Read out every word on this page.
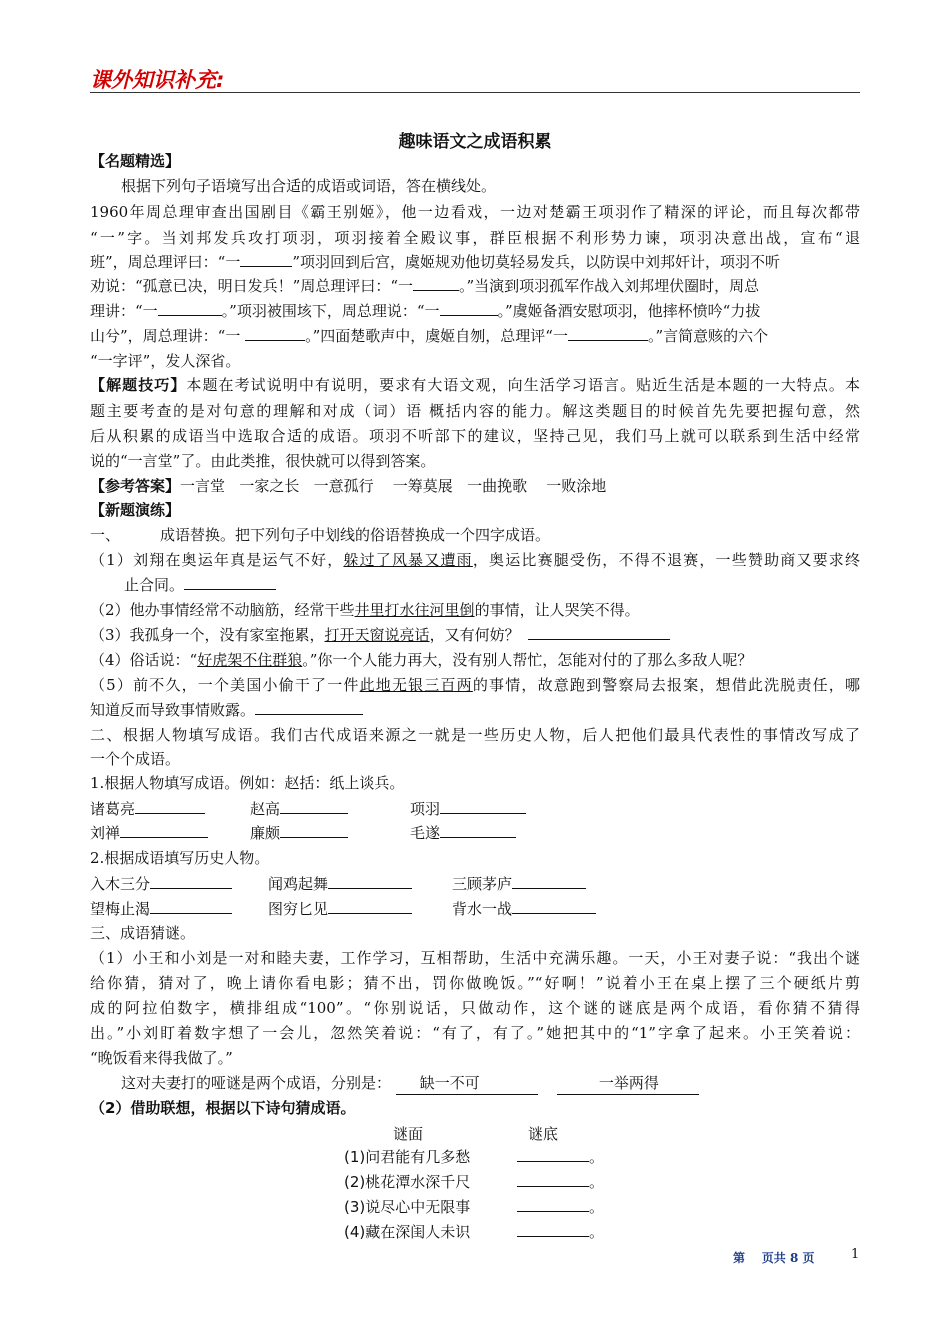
课外知识补充:
趣味语文之成语积累
【名题精选】
根据下列句子语境写出合适的成语或词语，答在横线处。
1960年周总理审查出国剧目《霸王别姬》，他一边看戏，一边对楚霸王项羽作了精深的评论，而且每次都带
“一”字。当刘邦发兵攻打项羽，项羽接着全殿议事，群臣根据不利形势力谏，项羽决意出战，宣布“退
班”，周总理评曰：“一	”项羽回到后宫，虞姬规劝他切莫轻易发兵，以防误中刘邦奸计，项羽不听
劝说：“孤意已决，明日发兵！”周总理评曰：“一	。”当演到项羽孤军作战入刘邦埋伏圈时，周总
理讲：“一	。”项羽被围垓下，周总理说：“一	。”虞姬备酒安慰项羽，他摔杯愤吟“力拔
山兮”，周总理讲：“一	。”四面楚歌声中，虞姬自刎，总理评“一	。”言简意赅的六个
“一字评”，发人深省。
【解题技巧】本题在考试说明中有说明，要求有大语文观，向生活学习语言。贴近生活是本题的一大特点。本
题主要考查的是对句意的理解和对成（词）语 概括内容的能力。解这类题目的时候首先先要把握句意，然
后从积累的成语当中选取合适的成语。项羽不听部下的建议，坚持己见，我们马上就可以联系到生活中经常
说的“一言堂”了。由此类推，很快就可以得到答案。
【参考答案】一言堂 一家之长 一意孤行 一筹莫展 一曲挽歌 一败涂地
【新题演练】
一、	成语替换。把下列句子中划线的俗语替换成一个四字成语。
（1）刘翔在奥运年真是运气不好，躲过了风暴又遭雨，奥运比赛腿受伤，不得不退赛，一些赞助商又要求终
止合同。
（2）他办事情经常不动脑筋，经常干些井里打水往河里倒的事情，让人哭笑不得。
（3）我孤身一个，没有家室拖累，打开天窗说亮话，又有何妨？
（4）俗话说：“好虎架不住群狼。”你一个人能力再大，没有别人帮忙，怎能对付的了那么多敌人呢？
（5）前不久，一个美国小偷干了一件此地无银三百两的事情，故意跑到警察局去报案，想借此洗脱责任，哪
知道反而导致事情败露。
二、根据人物填写成语。我们古代成语来源之一就是一些历史人物，后人把他们最具代表性的事情改写成了
一个个成语。
1.根据人物填写成语。例如：赵括：纸上谈兵。
诸葛亮	赵高	项羽
刘禅	廉颇	毛遂
2.根据成语填写历史人物。
入木三分	闻鸡起舞	三顾茅庐
望梅止渴	图穷匕见	背水一战
三、成语猜谜。
（1）小王和小刘是一对和睦夫妻，工作学习，互相帮助，生活中充满乐趣。一天，小王对妻子说：“我出个谜
给你猜，猜对了，晚上请你看电影；猜不出，罚你做晚饭。”“好啊！”说着小王在桌上摆了三个硬纸片剪
成的阿拉伯数字，横排组成“100”。“你别说话，只做动作，这个谜的谜底是两个成语，看你猜不猜得
出。”小刘盯着数字想了一会儿，忽然笑着说：“有了，有了。”她把其中的“1”字拿了起来。小王笑着说：
“晚饭看来得我做了。”
这对夫妻打的哑谜是两个成语，分别是： 缺一不可	一举两得
（2）借助联想，根据以下诗句猜成语。
谜面	谜底
(1)问君能有几多愁	。
(2)桃花潭水深千尺	。
(3)说尽心中无限事	。
(4)藏在深闺人未识	。
第 页共 8 页	1
